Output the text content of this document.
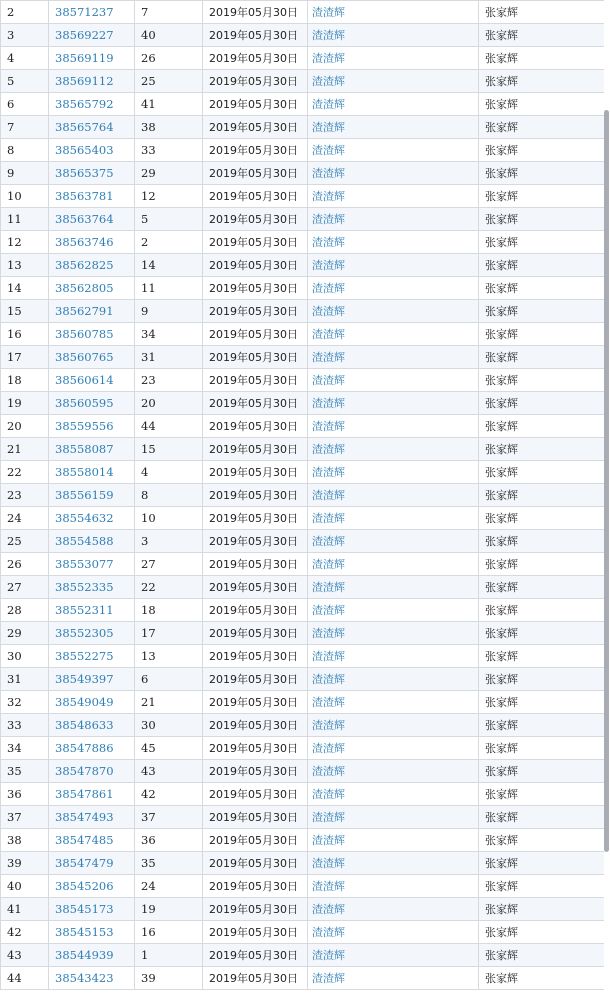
2	38571237	7	2019年05月30日	渣渣辉	张家辉
3	38569227	40	2019年05月30日	渣渣辉	张家辉
4	38569119	26	2019年05月30日	渣渣辉	张家辉
5	38569112	25	2019年05月30日	渣渣辉	张家辉
6	38565792	41	2019年05月30日	渣渣辉	张家辉
7	38565764	38	2019年05月30日	渣渣辉	张家辉
8	38565403	33	2019年05月30日	渣渣辉	张家辉
9	38565375	29	2019年05月30日	渣渣辉	张家辉
10	38563781	12	2019年05月30日	渣渣辉	张家辉
11	38563764	5	2019年05月30日	渣渣辉	张家辉
12	38563746	2	2019年05月30日	渣渣辉	张家辉
13	38562825	14	2019年05月30日	渣渣辉	张家辉
14	38562805	11	2019年05月30日	渣渣辉	张家辉
15	38562791	9	2019年05月30日	渣渣辉	张家辉
16	38560785	34	2019年05月30日	渣渣辉	张家辉
17	38560765	31	2019年05月30日	渣渣辉	张家辉
18	38560614	23	2019年05月30日	渣渣辉	张家辉
19	38560595	20	2019年05月30日	渣渣辉	张家辉
20	38559556	44	2019年05月30日	渣渣辉	张家辉
21	38558087	15	2019年05月30日	渣渣辉	张家辉
22	38558014	4	2019年05月30日	渣渣辉	张家辉
23	38556159	8	2019年05月30日	渣渣辉	张家辉
24	38554632	10	2019年05月30日	渣渣辉	张家辉
25	38554588	3	2019年05月30日	渣渣辉	张家辉
26	38553077	27	2019年05月30日	渣渣辉	张家辉
27	38552335	22	2019年05月30日	渣渣辉	张家辉
28	38552311	18	2019年05月30日	渣渣辉	张家辉
29	38552305	17	2019年05月30日	渣渣辉	张家辉
30	38552275	13	2019年05月30日	渣渣辉	张家辉
31	38549397	6	2019年05月30日	渣渣辉	张家辉
32	38549049	21	2019年05月30日	渣渣辉	张家辉
33	38548633	30	2019年05月30日	渣渣辉	张家辉
34	38547886	45	2019年05月30日	渣渣辉	张家辉
35	38547870	43	2019年05月30日	渣渣辉	张家辉
36	38547861	42	2019年05月30日	渣渣辉	张家辉
37	38547493	37	2019年05月30日	渣渣辉	张家辉
38	38547485	36	2019年05月30日	渣渣辉	张家辉
39	38547479	35	2019年05月30日	渣渣辉	张家辉
40	38545206	24	2019年05月30日	渣渣辉	张家辉
41	38545173	19	2019年05月30日	渣渣辉	张家辉
42	38545153	16	2019年05月30日	渣渣辉	张家辉
43	38544939	1	2019年05月30日	渣渣辉	张家辉
44	38543423	39	2019年05月30日	渣渣辉	张家辉
